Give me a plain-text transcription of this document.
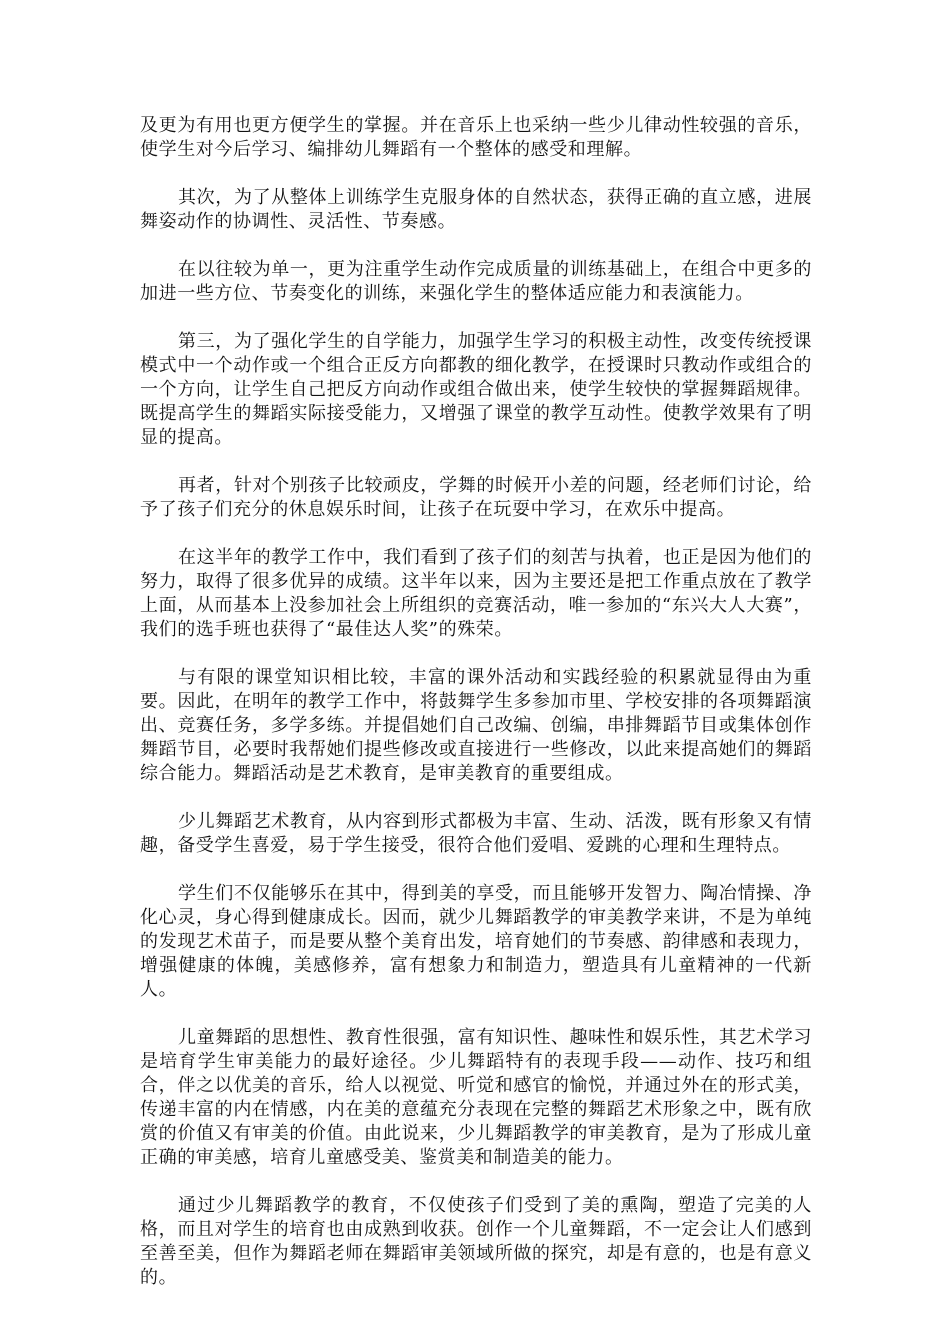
及更为有用也更方便学生的掌握。并在音乐上也采纳一些少儿律动性较强的音乐，使学生对今后学习、编排幼儿舞蹈有一个整体的感受和理解。

其次，为了从整体上训练学生克服身体的自然状态，获得正确的直立感，进展舞姿动作的协调性、灵活性、节奏感。

在以往较为单一，更为注重学生动作完成质量的训练基础上，在组合中更多的加进一些方位、节奏变化的训练，来强化学生的整体适应能力和表演能力。

第三，为了强化学生的自学能力，加强学生学习的积极主动性，改变传统授课模式中一个动作或一个组合正反方向都教的细化教学，在授课时只教动作或组合的一个方向，让学生自己把反方向动作或组合做出来，使学生较快的掌握舞蹈规律。既提高学生的舞蹈实际接受能力，又增强了课堂的教学互动性。使教学效果有了明显的提高。

再者，针对个别孩子比较顽皮，学舞的时候开小差的问题，经老师们讨论，给予了孩子们充分的休息娱乐时间，让孩子在玩耍中学习，在欢乐中提高。

在这半年的教学工作中，我们看到了孩子们的刻苦与执着，也正是因为他们的努力，取得了很多优异的成绩。这半年以来，因为主要还是把工作重点放在了教学上面，从而基本上没参加社会上所组织的竞赛活动，唯一参加的“东兴大人大赛”，我们的选手班也获得了“最佳达人奖”的殊荣。

与有限的课堂知识相比较，丰富的课外活动和实践经验的积累就显得由为重要。因此，在明年的教学工作中，将鼓舞学生多参加市里、学校安排的各项舞蹈演出、竞赛任务，多学多练。并提倡她们自己改编、创编，串排舞蹈节目或集体创作舞蹈节目，必要时我帮她们提些修改或直接进行一些修改，以此来提高她们的舞蹈综合能力。舞蹈活动是艺术教育，是审美教育的重要组成。

少儿舞蹈艺术教育，从内容到形式都极为丰富、生动、活泼，既有形象又有情趣，备受学生喜爱，易于学生接受，很符合他们爱唱、爱跳的心理和生理特点。

学生们不仅能够乐在其中，得到美的享受，而且能够开发智力、陶冶情操、净化心灵，身心得到健康成长。因而，就少儿舞蹈教学的审美教学来讲，不是为单纯的发现艺术苗子，而是要从整个美育出发，培育她们的节奏感、韵律感和表现力，增强健康的体魄，美感修养，富有想象力和制造力，塑造具有儿童精神的一代新人。

儿童舞蹈的思想性、教育性很强，富有知识性、趣味性和娱乐性，其艺术学习是培育学生审美能力的最好途径。少儿舞蹈特有的表现手段——动作、技巧和组合，伴之以优美的音乐，给人以视觉、听觉和感官的愉悦，并通过外在的形式美，传递丰富的内在情感，内在美的意蕴充分表现在完整的舞蹈艺术形象之中，既有欣赏的价值又有审美的价值。由此说来，少儿舞蹈教学的审美教育，是为了形成儿童正确的审美感，培育儿童感受美、鉴赏美和制造美的能力。

通过少儿舞蹈教学的教育，不仅使孩子们受到了美的熏陶，塑造了完美的人格，而且对学生的培育也由成熟到收获。创作一个儿童舞蹈，不一定会让人们感到至善至美，但作为舞蹈老师在舞蹈审美领域所做的探究，却是有意的，也是有意义的。
